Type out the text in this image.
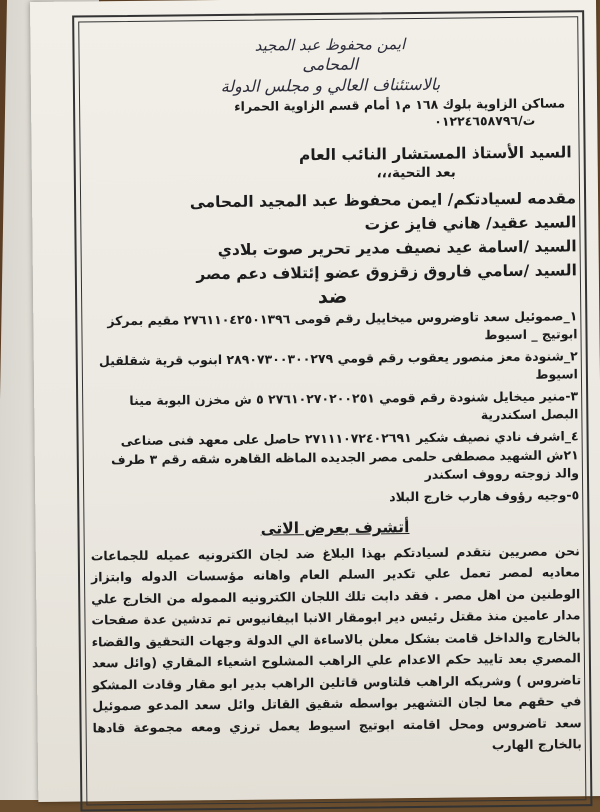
ايمن محفوظ عبد المجيد
المحامى
بالاستئناف العالي و مجلس الدولة
مساكن الزاوية بلوك ١٦٨ م١ أمام قسم الزاوية الحمراء
ت/٠١٢٢٤٦٥٨٧٩٦
السيد الأستاذ المستشار النائب العام
بعد التحية،،،
مقدمه لسيادتكم/ ايمن محفوظ عبد المجيد المحامى
السيد عقيد/ هاني فايز عزت
السيد /اسامة عيد نصيف مدير تحرير صوت بلادي
السيد /سامي فاروق زقزوق عضو إئتلاف دعم مصر
ضد
١_صموئيل سعد تاوضروس ميخاييل رقم قومى ٢٧٦١١٠٤٢٥٠١٣٩٦ مقيم بمركز ابوتيج _ اسيوط
٢_شنودة معز منصور يعقوب رقم قومي ٢٨٩٠٧٣٠٠٣٠٠٢٧٩ ابنوب قرية شقلقيل اسيوط
٣-منير ميخايل شنودة رقم قومي ٢٧٦١٠٢٧٠٢٠٠٢٥١ ٥ ش مخزن البوبة مينا البصل اسكندرية
٤_اشرف نادي نصيف شكير ٢٧١١١٠٧٢٤٠٢٦٩١ حاصل على معهد فنى صناعى ٢١ش الشهيد مصطفى حلمى مصر الجديده الماظه القاهره شقه رقم ٣ طرف والد زوجته رووف اسكندر
٥-وجيه رؤوف هارب خارج البلاد
أتشرف بعرض الاتى
نحن مصريين نتقدم لسيادتكم بهذا البلاغ ضد لجان الكترونيه عميله للجماعات معاديه لمصر تعمل علي تكدير السلم العام واهانه مؤسسات الدوله وابتزاز الوطنين من اهل مصر . فقد دابت تلك اللجان الكترونيه المموله من الخارج علي مدار عامين منذ مقتل رئيس دير ابومقار الانبا ابيفانيوس تم تدشين عدة صفحات بالخارج والداخل قامت بشكل معلن بالاساءة الي الدولة وجهات التحقيق والقضاء المصري بعد تاييد حكم الاعدام علي الراهب المشلوح اشعياء المقاري (وائل سعد تاضروس ) وشريكه الراهب فلتاوس قاتلين الراهب بدير ابو مقار وقادت المشكو في حقهم معا لجان التشهير بواسطه شقيق القاتل وائل سعد المدعو صموئيل سعد تاضروس ومحل اقامته ابوتيج اسيوط يعمل ترزي ومعه مجموعة قادها بالخارج الهارب
